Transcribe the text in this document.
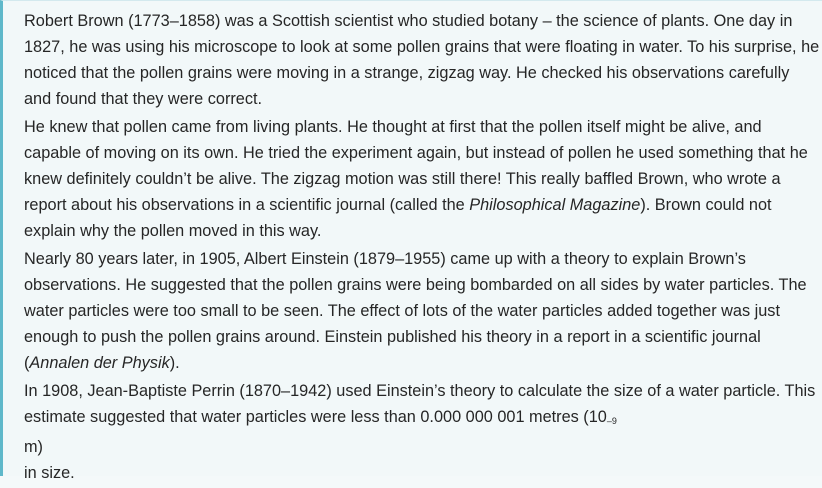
Robert Brown (1773–1858) was a Scottish scientist who studied botany – the science of plants. One day in 1827, he was using his microscope to look at some pollen grains that were floating in water. To his surprise, he noticed that the pollen grains were moving in a strange, zigzag way. He checked his observations carefully and found that they were correct.

He knew that pollen came from living plants. He thought at first that the pollen itself might be alive, and capable of moving on its own. He tried the experiment again, but instead of pollen he used something that he knew definitely couldn’t be alive. The zigzag motion was still there! This really baffled Brown, who wrote a report about his observations in a scientific journal (called the Philosophical Magazine). Brown could not explain why the pollen moved in this way.

Nearly 80 years later, in 1905, Albert Einstein (1879–1955) came up with a theory to explain Brown’s observations. He suggested that the pollen grains were being bombarded on all sides by water particles. The water particles were too small to be seen. The effect of lots of the water particles added together was just enough to push the pollen grains around. Einstein published his theory in a report in a scientific journal (Annalen der Physik).

In 1908, Jean-Baptiste Perrin (1870–1942) used Einstein’s theory to calculate the size of a water particle. This estimate suggested that water particles were less than 0.000 000 001 metres ($10_{-9}$
m)
in size.
